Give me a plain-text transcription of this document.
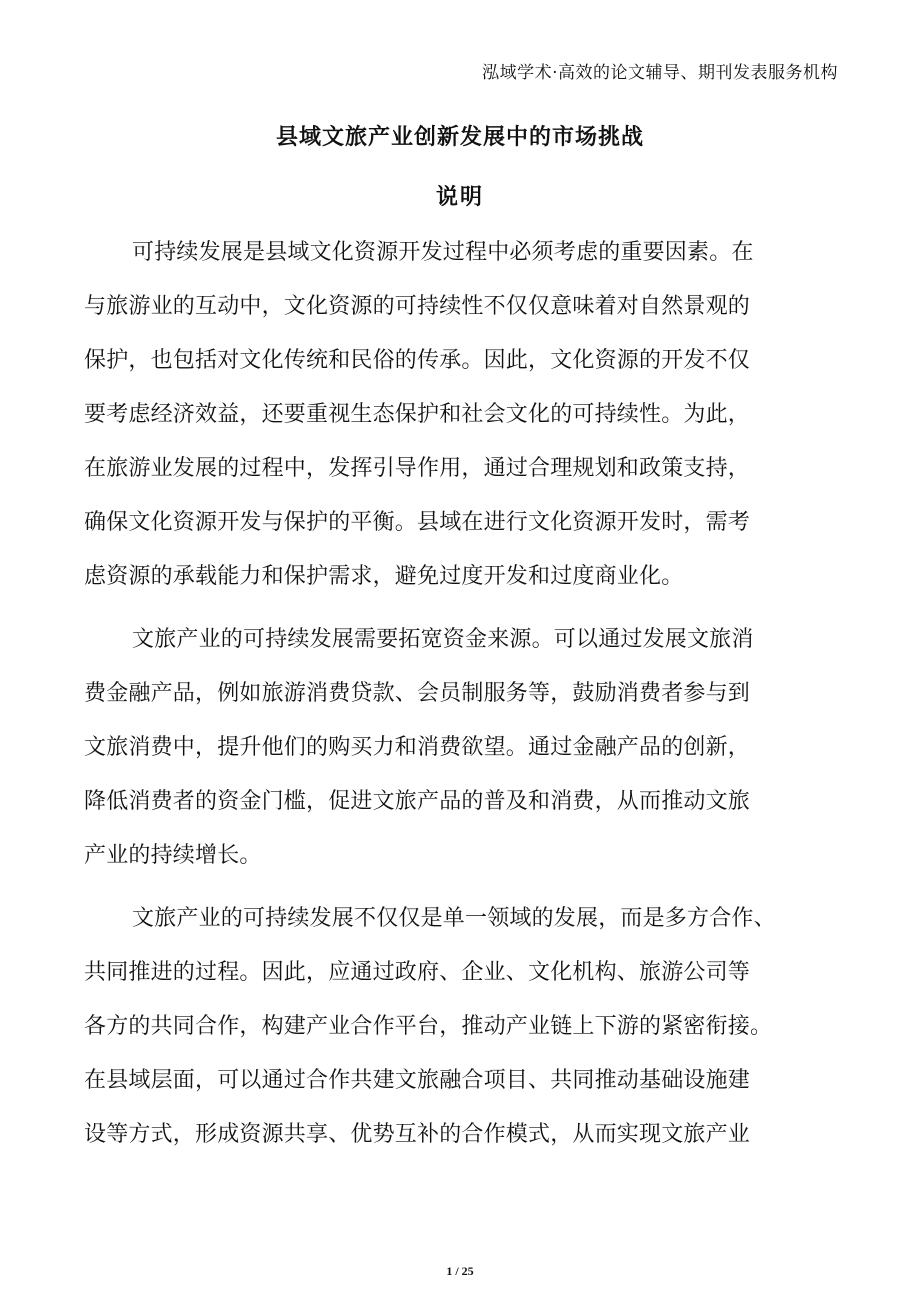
泓域学术·高效的论文辅导、期刊发表服务机构
县域文旅产业创新发展中的市场挑战
说明
可持续发展是县域文化资源开发过程中必须考虑的重要因素。在
与旅游业的互动中，文化资源的可持续性不仅仅意味着对自然景观的
保护，也包括对文化传统和民俗的传承。因此，文化资源的开发不仅
要考虑经济效益，还要重视生态保护和社会文化的可持续性。为此，
在旅游业发展的过程中，发挥引导作用，通过合理规划和政策支持，
确保文化资源开发与保护的平衡。县域在进行文化资源开发时，需考
虑资源的承载能力和保护需求，避免过度开发和过度商业化。
文旅产业的可持续发展需要拓宽资金来源。可以通过发展文旅消
费金融产品，例如旅游消费贷款、会员制服务等，鼓励消费者参与到
文旅消费中，提升他们的购买力和消费欲望。通过金融产品的创新，
降低消费者的资金门槛，促进文旅产品的普及和消费，从而推动文旅
产业的持续增长。
文旅产业的可持续发展不仅仅是单一领域的发展，而是多方合作、
共同推进的过程。因此，应通过政府、企业、文化机构、旅游公司等
各方的共同合作，构建产业合作平台，推动产业链上下游的紧密衔接。
在县域层面，可以通过合作共建文旅融合项目、共同推动基础设施建
设等方式，形成资源共享、优势互补的合作模式，从而实现文旅产业
1 / 25
